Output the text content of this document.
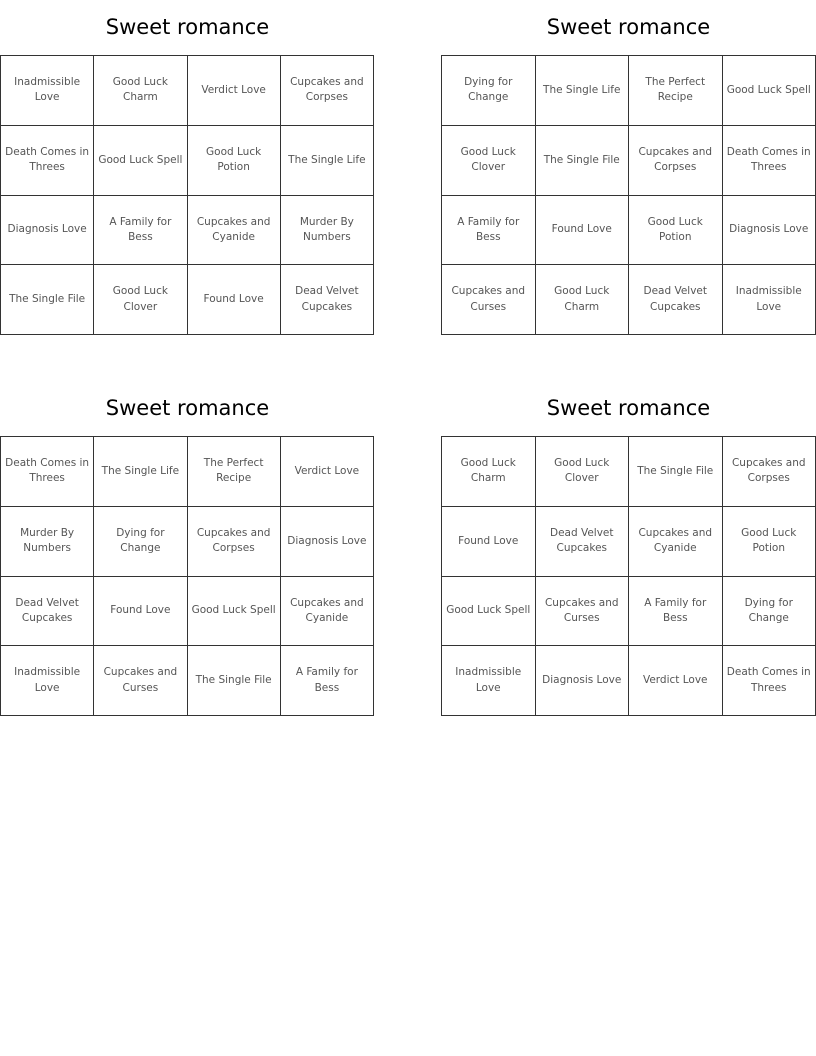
Sweet romance
Inadmissible Love
Good Luck Charm
Verdict Love
Cupcakes and Corpses
Death Comes in Threes
Good Luck Spell
Good Luck Potion
The Single Life
Diagnosis Love
A Family for Bess
Cupcakes and Cyanide
Murder By Numbers
The Single File
Good Luck Clover
Found Love
Dead Velvet Cupcakes
Sweet romance
Dying for Change
The Single Life
The Perfect Recipe
Good Luck Spell
Good Luck Clover
The Single File
Cupcakes and Corpses
Death Comes in Threes
A Family for Bess
Found Love
Good Luck Potion
Diagnosis Love
Cupcakes and Curses
Good Luck Charm
Dead Velvet Cupcakes
Inadmissible Love
Sweet romance
Death Comes in Threes
The Single Life
The Perfect Recipe
Verdict Love
Murder By Numbers
Dying for Change
Cupcakes and Corpses
Diagnosis Love
Dead Velvet Cupcakes
Found Love	Good Luck Spell
Cupcakes and Cyanide
Inadmissible Love
Cupcakes and Curses
The Single File
A Family for Bess
Sweet romance
Good Luck Charm
Good Luck Clover
The Single File
Cupcakes and Corpses
Found Love
Dead Velvet Cupcakes
Cupcakes and Cyanide
Good Luck Potion
Good Luck Spell
Cupcakes and Curses
A Family for Bess
Dying for Change
Inadmissible Love
Diagnosis Love	Verdict Love
Death Comes in Threes
